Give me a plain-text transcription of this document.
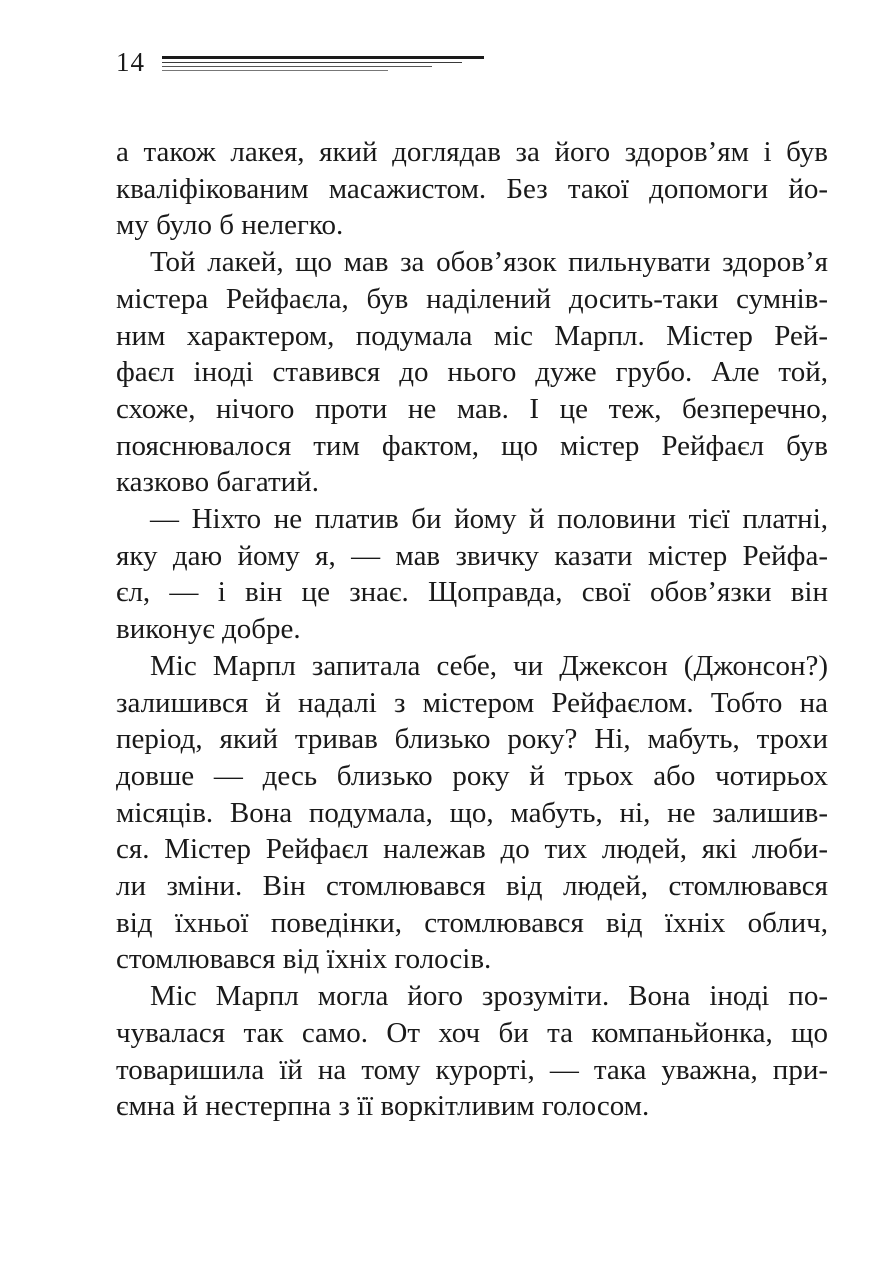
14
а також лакея, який доглядав за його здоров’ям і був
кваліфікованим масажистом. Без такої допомоги йо-
му було б нелегко.
Той лакей, що мав за обов’язок пильнувати здоров’я
містера Рейфаєла, був наділений досить-таки сумнів-
ним характером, подумала міс Марпл. Містер Рей-
фаєл іноді ставився до нього дуже грубо. Але той,
схоже, нічого проти не мав. І це теж, безперечно,
пояснювалося тим фактом, що містер Рейфаєл був
казково багатий.
— Ніхто не платив би йому й половини тієї платні,
яку даю йому я, — мав звичку казати містер Рейфа-
єл, — і він це знає. Щоправда, свої обов’язки він
виконує добре.
Міс Марпл запитала себе, чи Джексон (Джонсон?)
залишився й надалі з містером Рейфаєлом. Тобто на
період, який тривав близько року? Ні, мабуть, трохи
довше — десь близько року й трьох або чотирьох
місяців. Вона подумала, що, мабуть, ні, не залишив-
ся. Містер Рейфаєл належав до тих людей, які люби-
ли зміни. Він стомлювався від людей, стомлювався
від їхньої поведінки, стомлювався від їхніх облич,
стомлювався від їхніх голосів.
Міс Марпл могла його зрозуміти. Вона іноді по-
чувалася так само. От хоч би та компаньйонка, що
товаришила їй на тому курорті, — така уважна, при-
ємна й нестерпна з її воркітливим голосом.
